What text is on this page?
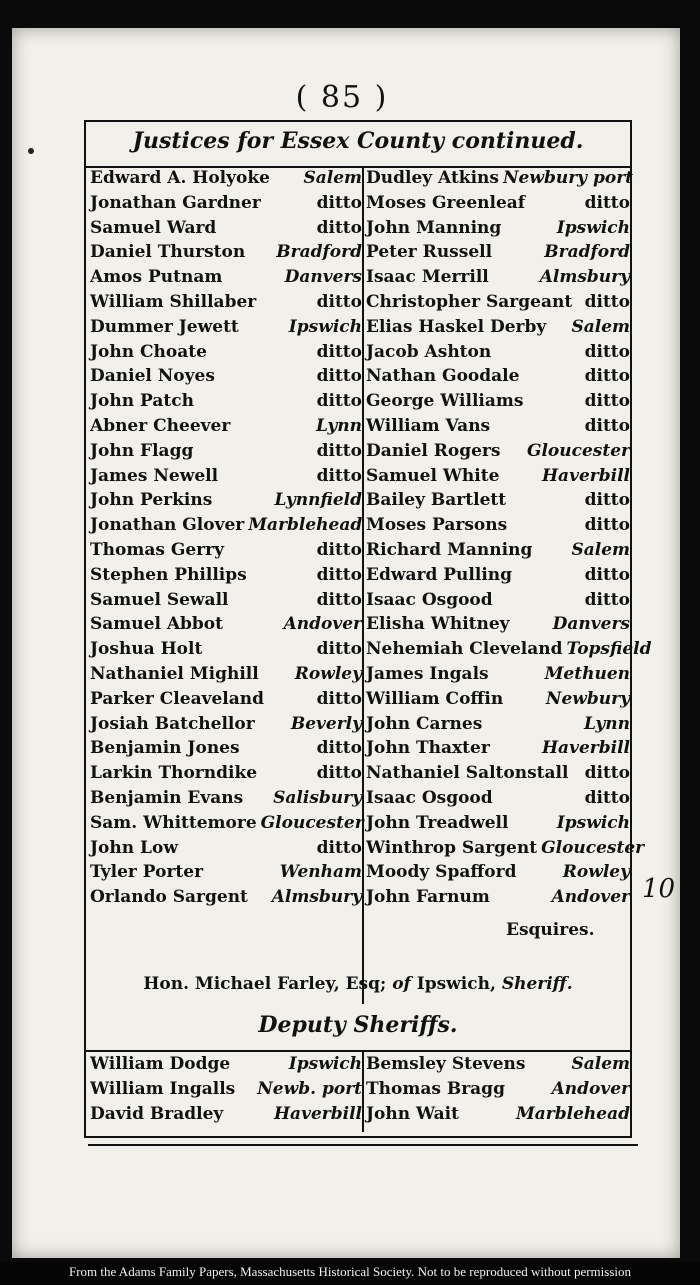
( 85 )
Justices for Essex County continued.
Edward A. Holyoke Salem
Jonathan Gardner	ditto
Samuel Ward	ditto
Daniel Thurston Bradford
Amos Putnam	Danvers
William Shillaber	ditto
Dummer Jewett	Ipswich
John Choate	ditto
Daniel Noyes	ditto
John Patch	ditto
Abner Cheever	Lynn
John Flagg	ditto
James Newell	ditto
John Perkins	Lynnfield
Jonathan Glover Marblehead
Thomas Gerry	ditto
Stephen Phillips	ditto
Samuel Sewall	ditto
Samuel Abbot	Andover
Joshua Holt	ditto
Nathaniel Mighill Rowley
Parker Cleaveland	ditto
Josiah Batchellor Beverly
Benjamin Jones	ditto
Larkin Thorndike	ditto
Benjamin Evans Salisbury
Sam. Whittemore Gloucester
John Low	ditto
Tyler Porter	Wenham
Orlando Sargent Almsbury
Dudley Atkins Newbury port
Moses Greenleaf	ditto
John Manning	Ipswich
Peter Russell	Bradford
Isaac Merrill	Almsbury
Christopher Sargeant ditto
Elias Haskel Derby Salem
Jacob Ashton	ditto
Nathan Goodale	ditto
George Williams	ditto
William Vans	ditto
Daniel Rogers Gloucester
Samuel White	Haverbill
Bailey Bartlett	ditto
Moses Parsons	ditto
Richard Manning Salem
Edward Pulling	ditto
Isaac Osgood	ditto
Elisha Whitney	Danvers
Nehemiah Cleveland Topsfield
James Ingals	Methuen
William Coffin	Newbury
John Carnes	Lynn
John Thaxter	Haverbill
Nathaniel Saltonstall ditto
Isaac Osgood	ditto
John Treadwell	Ipswich
Winthrop Sargent Gloucester
Moody Spafford	Rowley
John Farnum	Andover
Esquires.
Hon. Michael Farley, Esq; of Ipswich, Sheriff.
Deputy Sheriffs.
William Dodge	Ipswich
William Ingalls Newb. port
David Bradley	Haverbill
Bemsley Stevens	Salem
Thomas Bragg	Andover
John Wait	Marblehead
10
From the Adams Family Papers, Massachusetts Historical Society. Not to be reproduced without permission
